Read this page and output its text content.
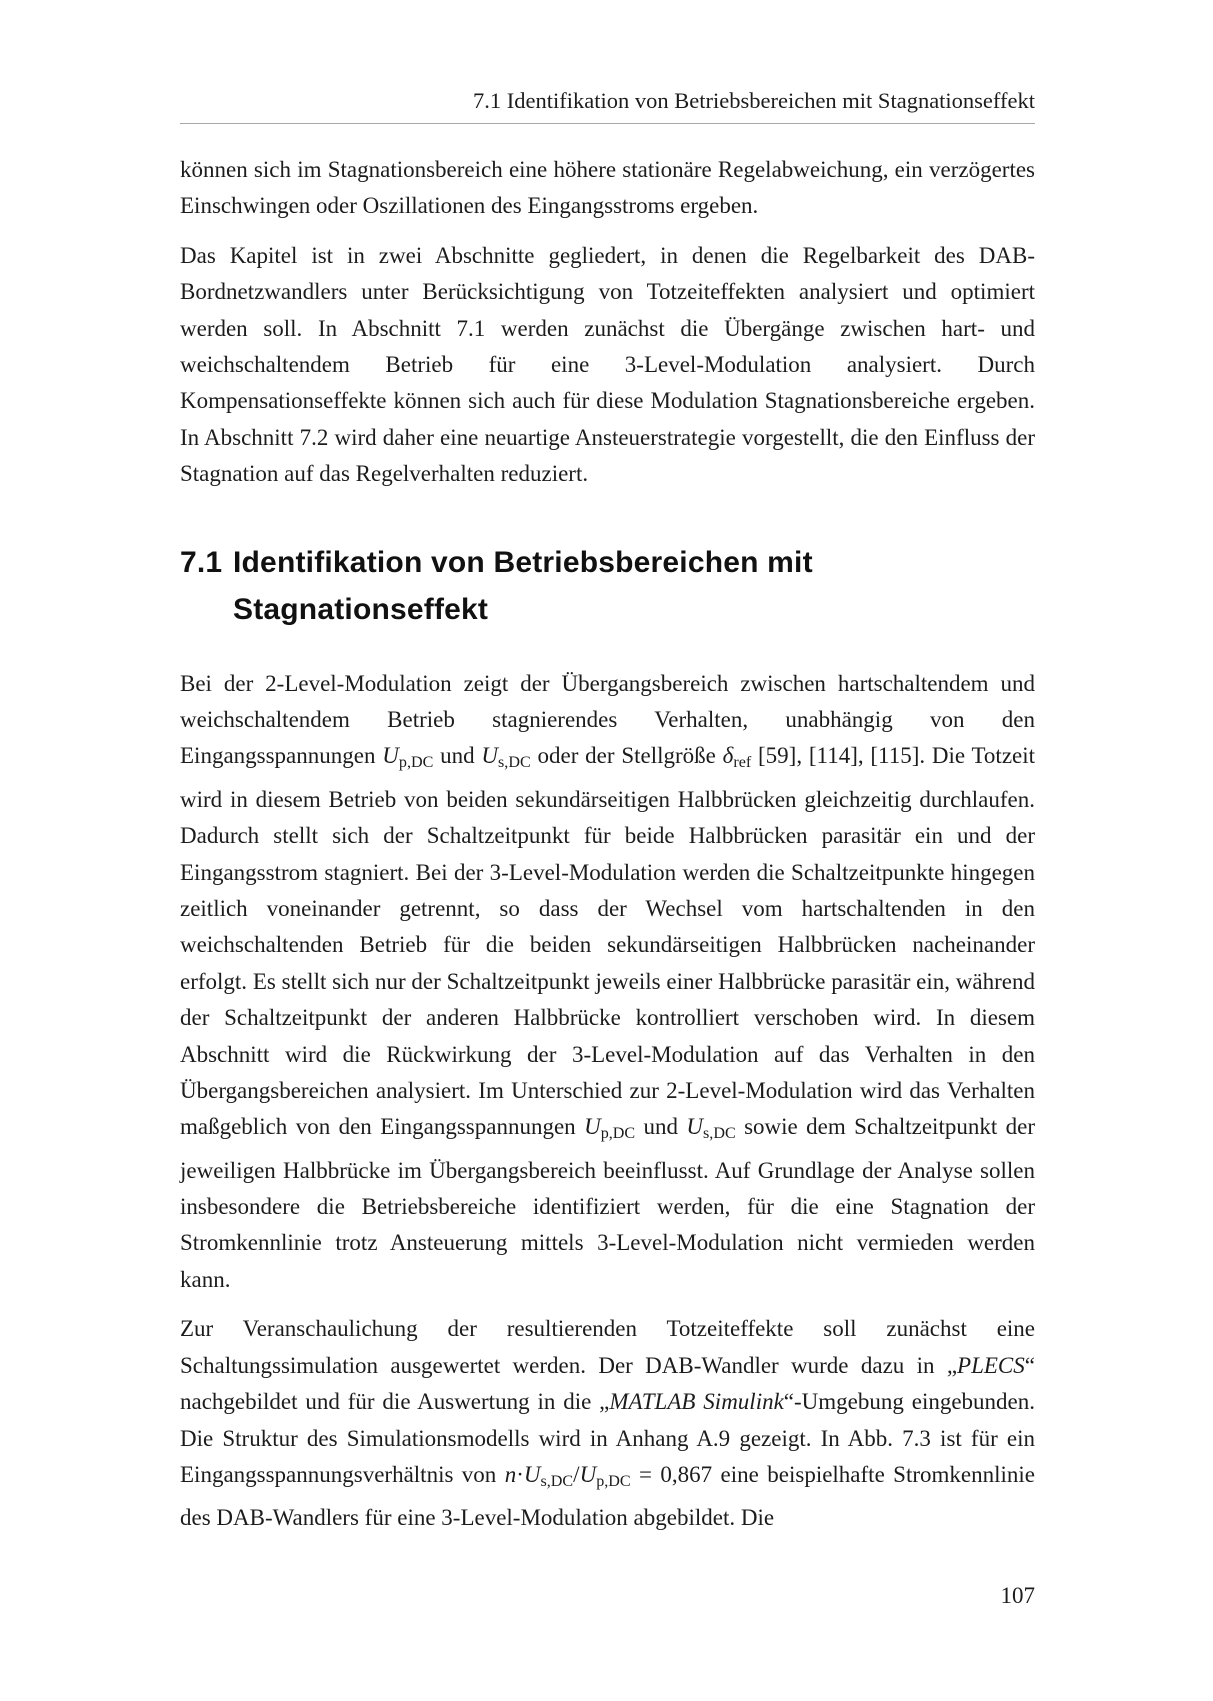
7.1 Identifikation von Betriebsbereichen mit Stagnationseffekt

können sich im Stagnationsbereich eine höhere stationäre Regelabweichung, ein verzögertes Einschwingen oder Oszillationen des Eingangsstroms ergeben.

Das Kapitel ist in zwei Abschnitte gegliedert, in denen die Regelbarkeit des DAB-Bordnetzwandlers unter Berücksichtigung von Totzeiteffekten analysiert und optimiert werden soll. In Abschnitt 7.1 werden zunächst die Übergänge zwischen hart- und weichschaltendem Betrieb für eine 3-Level-Modulation analysiert. Durch Kompensationseffekte können sich auch für diese Modulation Stagnationsbereiche ergeben. In Abschnitt 7.2 wird daher eine neuartige Ansteuerstrategie vorgestellt, die den Einfluss der Stagnation auf das Regelverhalten reduziert.

7.1 Identifikation von Betriebsbereichen mit
Stagnationseffekt

Bei der 2-Level-Modulation zeigt der Übergangsbereich zwischen hartschaltendem und weichschaltendem Betrieb stagnierendes Verhalten, unabhängig von den Eingangsspannungen $U_{p,DC}$ und $U_{s,DC}$ oder der Stellgröße $\delta_{ref}$ [59], [114], [115]. Die Totzeit wird in diesem Betrieb von beiden sekundärseitigen Halbbrücken gleichzeitig durchlaufen. Dadurch stellt sich der Schaltzeitpunkt für beide Halbbrücken parasitär ein und der Eingangsstrom stagniert. Bei der 3-Level-Modulation werden die Schaltzeitpunkte hingegen zeitlich voneinander getrennt, so dass der Wechsel vom hartschaltenden in den weichschaltenden Betrieb für die beiden sekundärseitigen Halbbrücken nacheinander erfolgt. Es stellt sich nur der Schaltzeitpunkt jeweils einer Halbbrücke parasitär ein, während der Schaltzeitpunkt der anderen Halbbrücke kontrolliert verschoben wird. In diesem Abschnitt wird die Rückwirkung der 3-Level-Modulation auf das Verhalten in den Übergangsbereichen analysiert. Im Unterschied zur 2-Level-Modulation wird das Verhalten maßgeblich von den Eingangsspannungen $U_{p,DC}$ und $U_{s,DC}$ sowie dem Schaltzeitpunkt der jeweiligen Halbbrücke im Übergangsbereich beeinflusst. Auf Grundlage der Analyse sollen insbesondere die Betriebsbereiche identifiziert werden, für die eine Stagnation der Stromkennlinie trotz Ansteuerung mittels 3-Level-Modulation nicht vermieden werden kann.

Zur Veranschaulichung der resultierenden Totzeiteffekte soll zunächst eine Schaltungssimulation ausgewertet werden. Der DAB-Wandler wurde dazu in „PLECS“ nachgebildet und für die Auswertung in die „MATLAB Simulink“-Umgebung eingebunden. Die Struktur des Simulationsmodells wird in Anhang A.9 gezeigt. In Abb. 7.3 ist für ein Eingangsspannungsverhältnis von $n\cdot U_{s,DC}/U_{p,DC} = 0,867$ eine beispielhafte Stromkennlinie des DAB-Wandlers für eine 3-Level-Modulation abgebildet. Die

107
